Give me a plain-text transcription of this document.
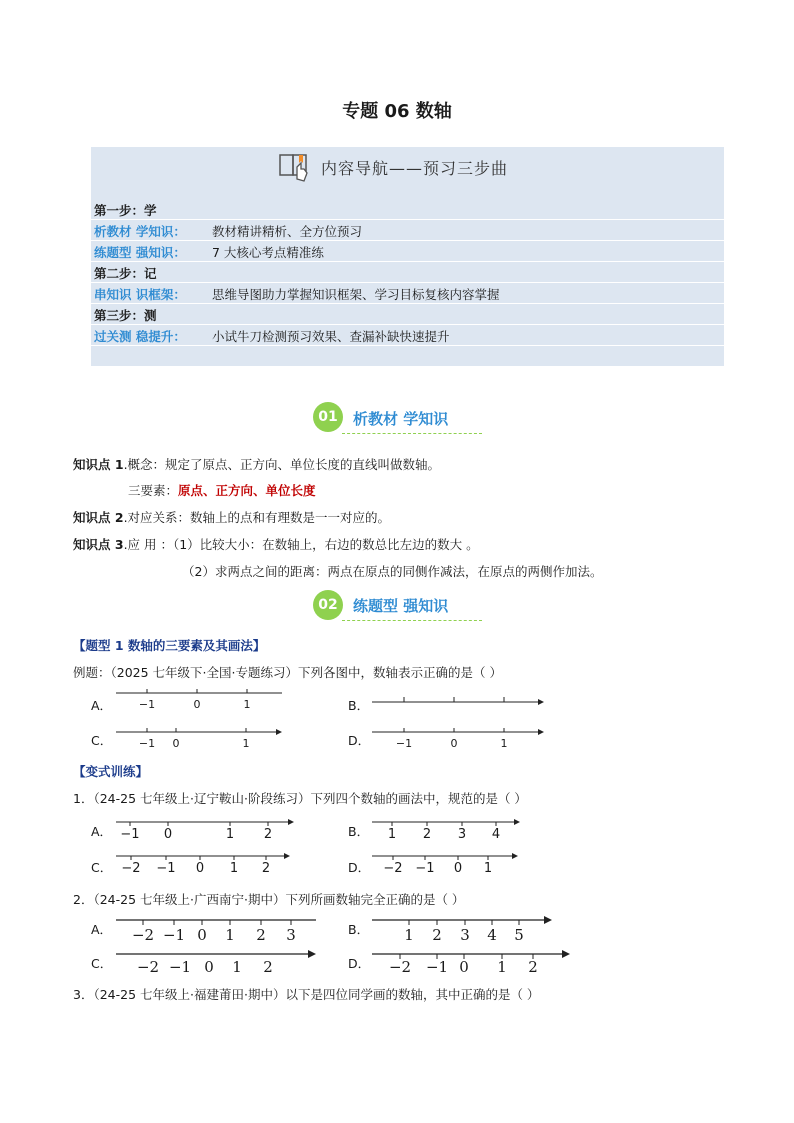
专题 06 数轴
内容导航——预习三步曲
第一步：学
析教材 学知识： 教材精讲精析、全方位预习
练题型 强知识： 7 大核心考点精准练
第二步：记
串知识 识框架： 思维导图助力掌握知识框架、学习目标复核内容掌握
第三步：测
过关测 稳提升： 小试牛刀检测预习效果、查漏补缺快速提升
01	析教材 学知识
知识点 1.概念：规定了原点、正方向、单位长度的直线叫做数轴。
三要素：原点、正方向、单位长度
知识点 2.对应关系：数轴上的点和有理数是一一对应的。
知识点 3.应 用 ：（1）比较大小：在数轴上，右边的数总比左边的数大 。
（2）求两点之间的距离：两点在原点的同侧作减法，在原点的两侧作加法。
02	练题型 强知识
【题型 1 数轴的三要素及其画法】
例题：（2025 七年级下·全国·专题练习）下列各图中，数轴表示正确的是（ ）
A．	B．
C．	D．
−1	0	1
−1 0	1	−1	0	1
【变式训练】
1．（24-25 七年级上·辽宁鞍山·阶段练习）下列四个数轴的画法中，规范的是（ ）
A．	B．
C．	D．
−1 0	1 2	1 2 3 4
−2 −1 0 1 2	−2 −1 0 1
2．（24-25 七年级上·广西南宁·期中）下列所画数轴完全正确的是（ ）
A．	B．
C．	D．
−2 −1 0 1 2 3	1 2 3 4 5
−2 −1 0 1 2	−2 −1 0 1 2
3．（24-25 七年级上·福建莆田·期中）以下是四位同学画的数轴，其中正确的是（ ）
